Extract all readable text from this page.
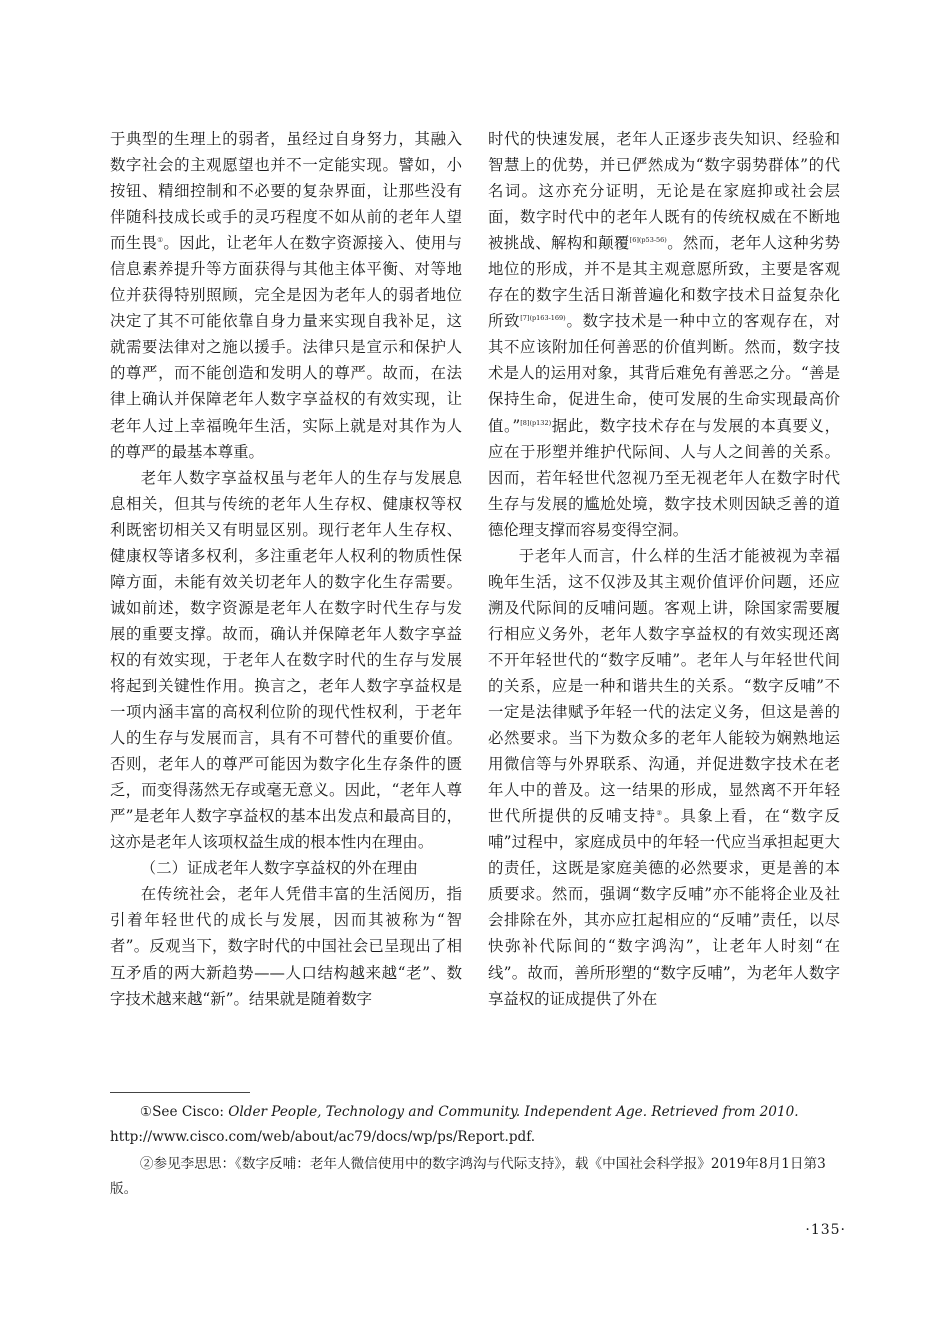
于典型的生理上的弱者，虽经过自身努力，其融入数字社会的主观愿望也并不一定能实现。譬如，小按钮、精细控制和不必要的复杂界面，让那些没有伴随科技成长或手的灵巧程度不如从前的老年人望而生畏①。因此，让老年人在数字资源接入、使用与信息素养提升等方面获得与其他主体平衡、对等地位并获得特别照顾，完全是因为老年人的弱者地位决定了其不可能依靠自身力量来实现自我补足，这就需要法律对之施以援手。法律只是宣示和保护人的尊严，而不能创造和发明人的尊严。故而，在法律上确认并保障老年人数字享益权的有效实现，让老年人过上幸福晚年生活，实际上就是对其作为人的尊严的最基本尊重。

老年人数字享益权虽与老年人的生存与发展息息相关，但其与传统的老年人生存权、健康权等权利既密切相关又有明显区别。现行老年人生存权、健康权等诸多权利，多注重老年人权利的物质性保障方面，未能有效关切老年人的数字化生存需要。诚如前述，数字资源是老年人在数字时代生存与发展的重要支撑。故而，确认并保障老年人数字享益权的有效实现，于老年人在数字时代的生存与发展将起到关键性作用。换言之，老年人数字享益权是一项内涵丰富的高权利位阶的现代性权利，于老年人的生存与发展而言，具有不可替代的重要价值。否则，老年人的尊严可能因为数字化生存条件的匮乏，而变得荡然无存或毫无意义。因此，“老年人尊严”是老年人数字享益权的基本出发点和最高目的，这亦是老年人该项权益生成的根本性内在理由。

（二）证成老年人数字享益权的外在理由

在传统社会，老年人凭借丰富的生活阅历，指引着年轻世代的成长与发展，因而其被称为“智者”。反观当下，数字时代的中国社会已呈现出了相互矛盾的两大新趋势——人口结构越来越“老”、数字技术越来越“新”。结果就是随着数字

时代的快速发展，老年人正逐步丧失知识、经验和智慧上的优势，并已俨然成为“数字弱势群体”的代名词。这亦充分证明，无论是在家庭抑或社会层面，数字时代中的老年人既有的传统权威在不断地被挑战、解构和颠覆$^{[6](p53-56)}$。然而，老年人这种劣势地位的形成，并不是其主观意愿所致，主要是客观存在的数字生活日渐普遍化和数字技术日益复杂化所致$^{[7](p163-169)}$。数字技术是一种中立的客观存在，对其不应该附加任何善恶的价值判断。然而，数字技术是人的运用对象，其背后难免有善恶之分。“善是保持生命，促进生命，使可发展的生命实现最高价值。”$^{[8](p132)}$据此，数字技术存在与发展的本真要义，应在于形塑并维护代际间、人与人之间善的关系。因而，若年轻世代忽视乃至无视老年人在数字时代生存与发展的尴尬处境，数字技术则因缺乏善的道德伦理支撑而容易变得空洞。

于老年人而言，什么样的生活才能被视为幸福晚年生活，这不仅涉及其主观价值评价问题，还应溯及代际间的反哺问题。客观上讲，除国家需要履行相应义务外，老年人数字享益权的有效实现还离不开年轻世代的“数字反哺”。老年人与年轻世代间的关系，应是一种和谐共生的关系。“数字反哺”不一定是法律赋予年轻一代的法定义务，但这是善的必然要求。当下为数众多的老年人能较为娴熟地运用微信等与外界联系、沟通，并促进数字技术在老年人中的普及。这一结果的形成，显然离不开年轻世代所提供的反哺支持②。具象上看，在“数字反哺”过程中，家庭成员中的年轻一代应当承担起更大的责任，这既是家庭美德的必然要求，更是善的本质要求。然而，强调“数字反哺”亦不能将企业及社会排除在外，其亦应扛起相应的“反哺”责任，以尽快弥补代际间的“数字鸿沟”，让老年人时刻“在线”。故而，善所形塑的“数字反哺”，为老年人数字享益权的证成提供了外在

①See Cisco: Older People, Technology and Community. Independent Age. Retrieved from 2010. http://www.cisco.com/web/about/ac79/docs/wp/ps/Report.pdf.
②参见李思思：《数字反哺：老年人微信使用中的数字鸿沟与代际支持》，载《中国社会科学报》2019年8月1日第3版。
·135·
